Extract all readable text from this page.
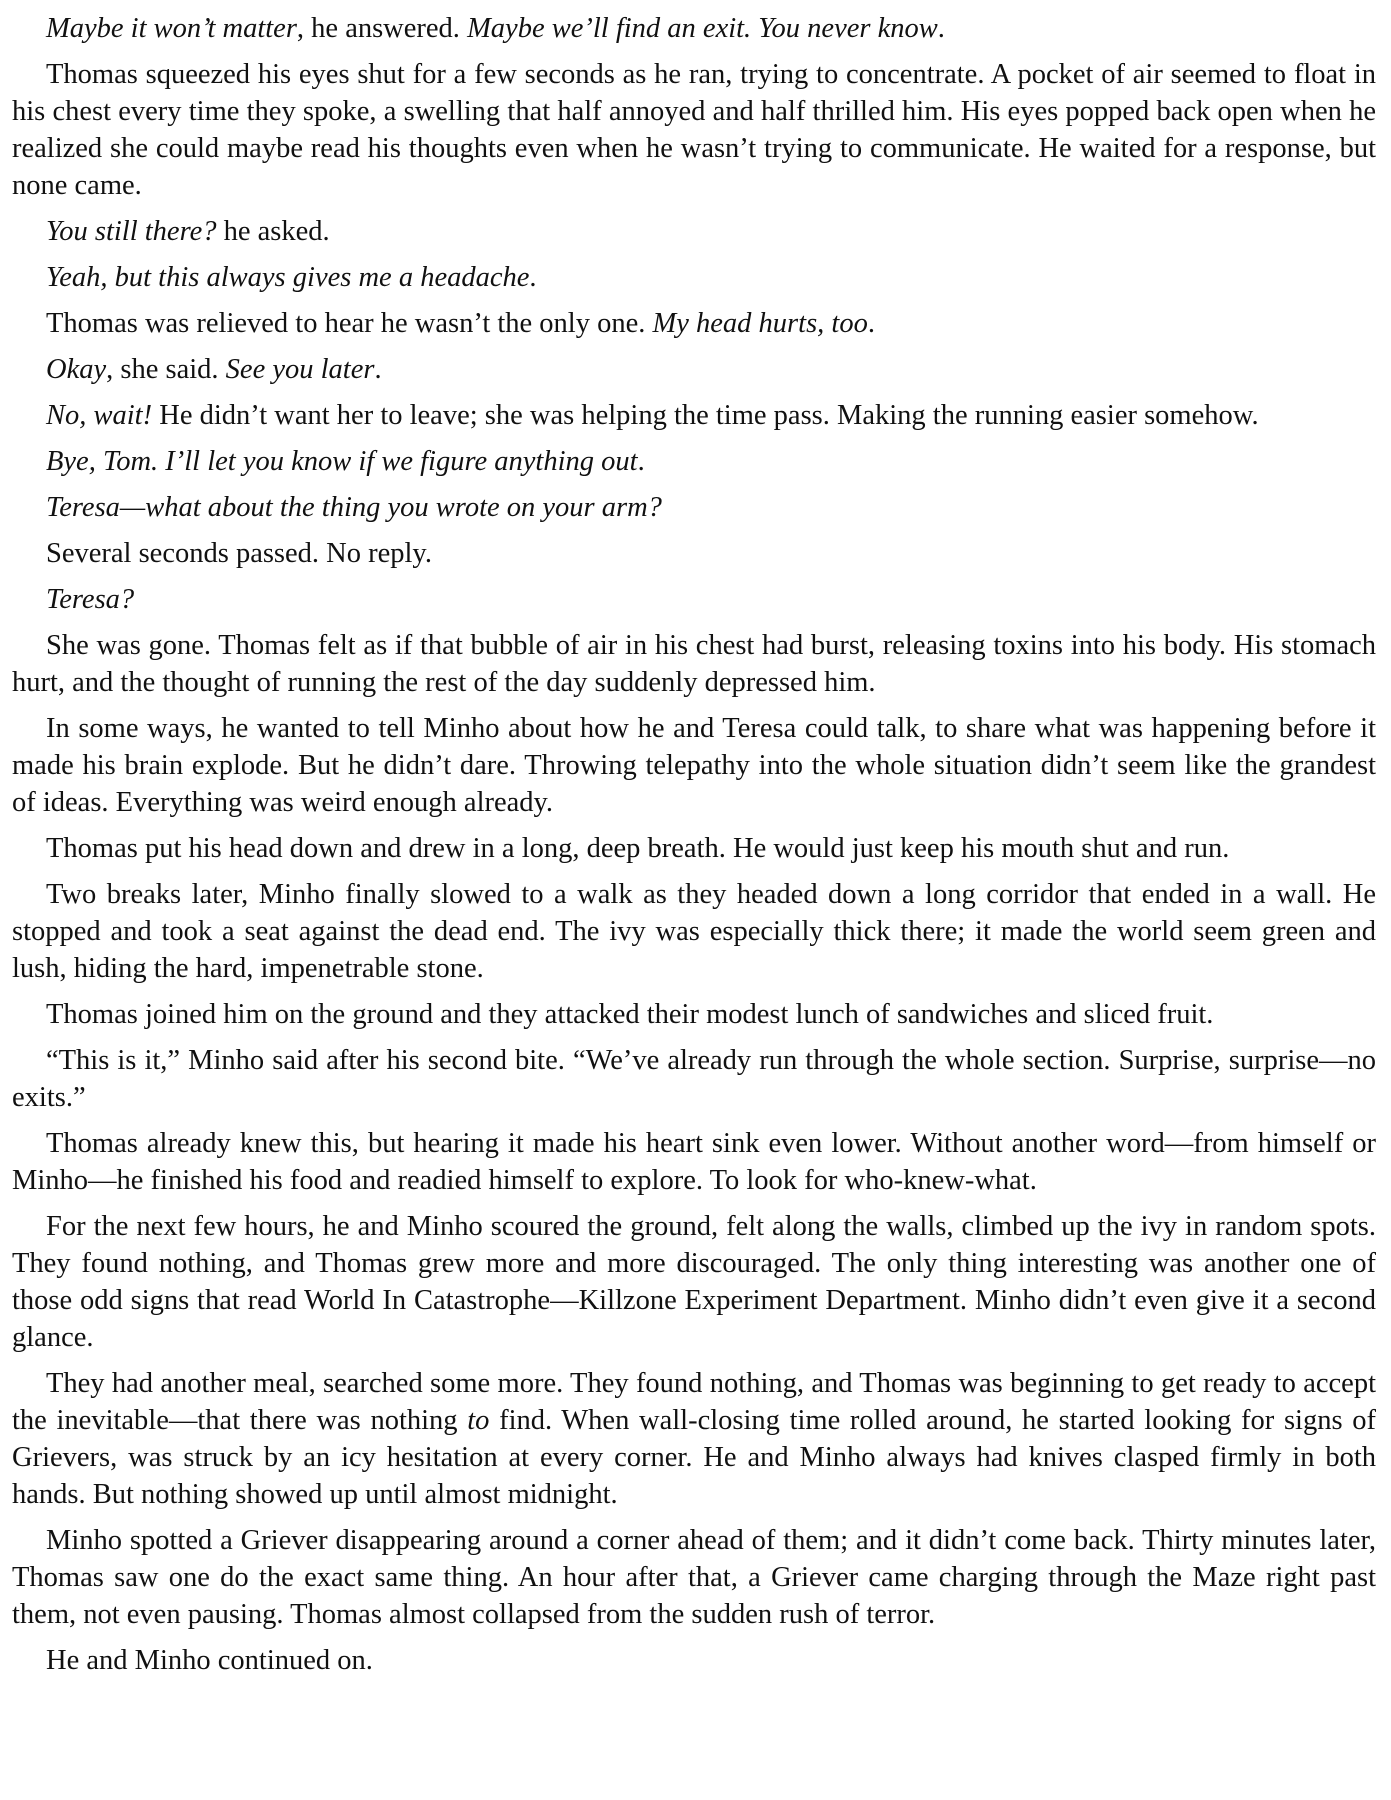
Maybe it won’t matter, he answered. Maybe we’ll find an exit. You never know.

Thomas squeezed his eyes shut for a few seconds as he ran, trying to concentrate. A pocket of air seemed to float in his chest every time they spoke, a swelling that half annoyed and half thrilled him. His eyes popped back open when he realized she could maybe read his thoughts even when he wasn’t trying to communicate. He waited for a response, but none came.

You still there? he asked.

Yeah, but this always gives me a headache.

Thomas was relieved to hear he wasn’t the only one. My head hurts, too.

Okay, she said. See you later.

No, wait! He didn’t want her to leave; she was helping the time pass. Making the running easier somehow.

Bye, Tom. I’ll let you know if we figure anything out.

Teresa—what about the thing you wrote on your arm?

Several seconds passed. No reply.

Teresa?

She was gone. Thomas felt as if that bubble of air in his chest had burst, releasing toxins into his body. His stomach hurt, and the thought of running the rest of the day suddenly depressed him.

In some ways, he wanted to tell Minho about how he and Teresa could talk, to share what was happening before it made his brain explode. But he didn’t dare. Throwing telepathy into the whole situation didn’t seem like the grandest of ideas. Everything was weird enough already.

Thomas put his head down and drew in a long, deep breath. He would just keep his mouth shut and run.

Two breaks later, Minho finally slowed to a walk as they headed down a long corridor that ended in a wall. He stopped and took a seat against the dead end. The ivy was especially thick there; it made the world seem green and lush, hiding the hard, impenetrable stone.

Thomas joined him on the ground and they attacked their modest lunch of sandwiches and sliced fruit.

“This is it,” Minho said after his second bite. “We’ve already run through the whole section. Surprise, surprise—no exits.”

Thomas already knew this, but hearing it made his heart sink even lower. Without another word—from himself or Minho—he finished his food and readied himself to explore. To look for who-knew-what.

For the next few hours, he and Minho scoured the ground, felt along the walls, climbed up the ivy in random spots. They found nothing, and Thomas grew more and more discouraged. The only thing interesting was another one of those odd signs that read World In Catastrophe—Killzone Experiment Department. Minho didn’t even give it a second glance.

They had another meal, searched some more. They found nothing, and Thomas was beginning to get ready to accept the inevitable—that there was nothing to find. When wall-closing time rolled around, he started looking for signs of Grievers, was struck by an icy hesitation at every corner. He and Minho always had knives clasped firmly in both hands. But nothing showed up until almost midnight.

Minho spotted a Griever disappearing around a corner ahead of them; and it didn’t come back. Thirty minutes later, Thomas saw one do the exact same thing. An hour after that, a Griever came charging through the Maze right past them, not even pausing. Thomas almost collapsed from the sudden rush of terror.

He and Minho continued on.
